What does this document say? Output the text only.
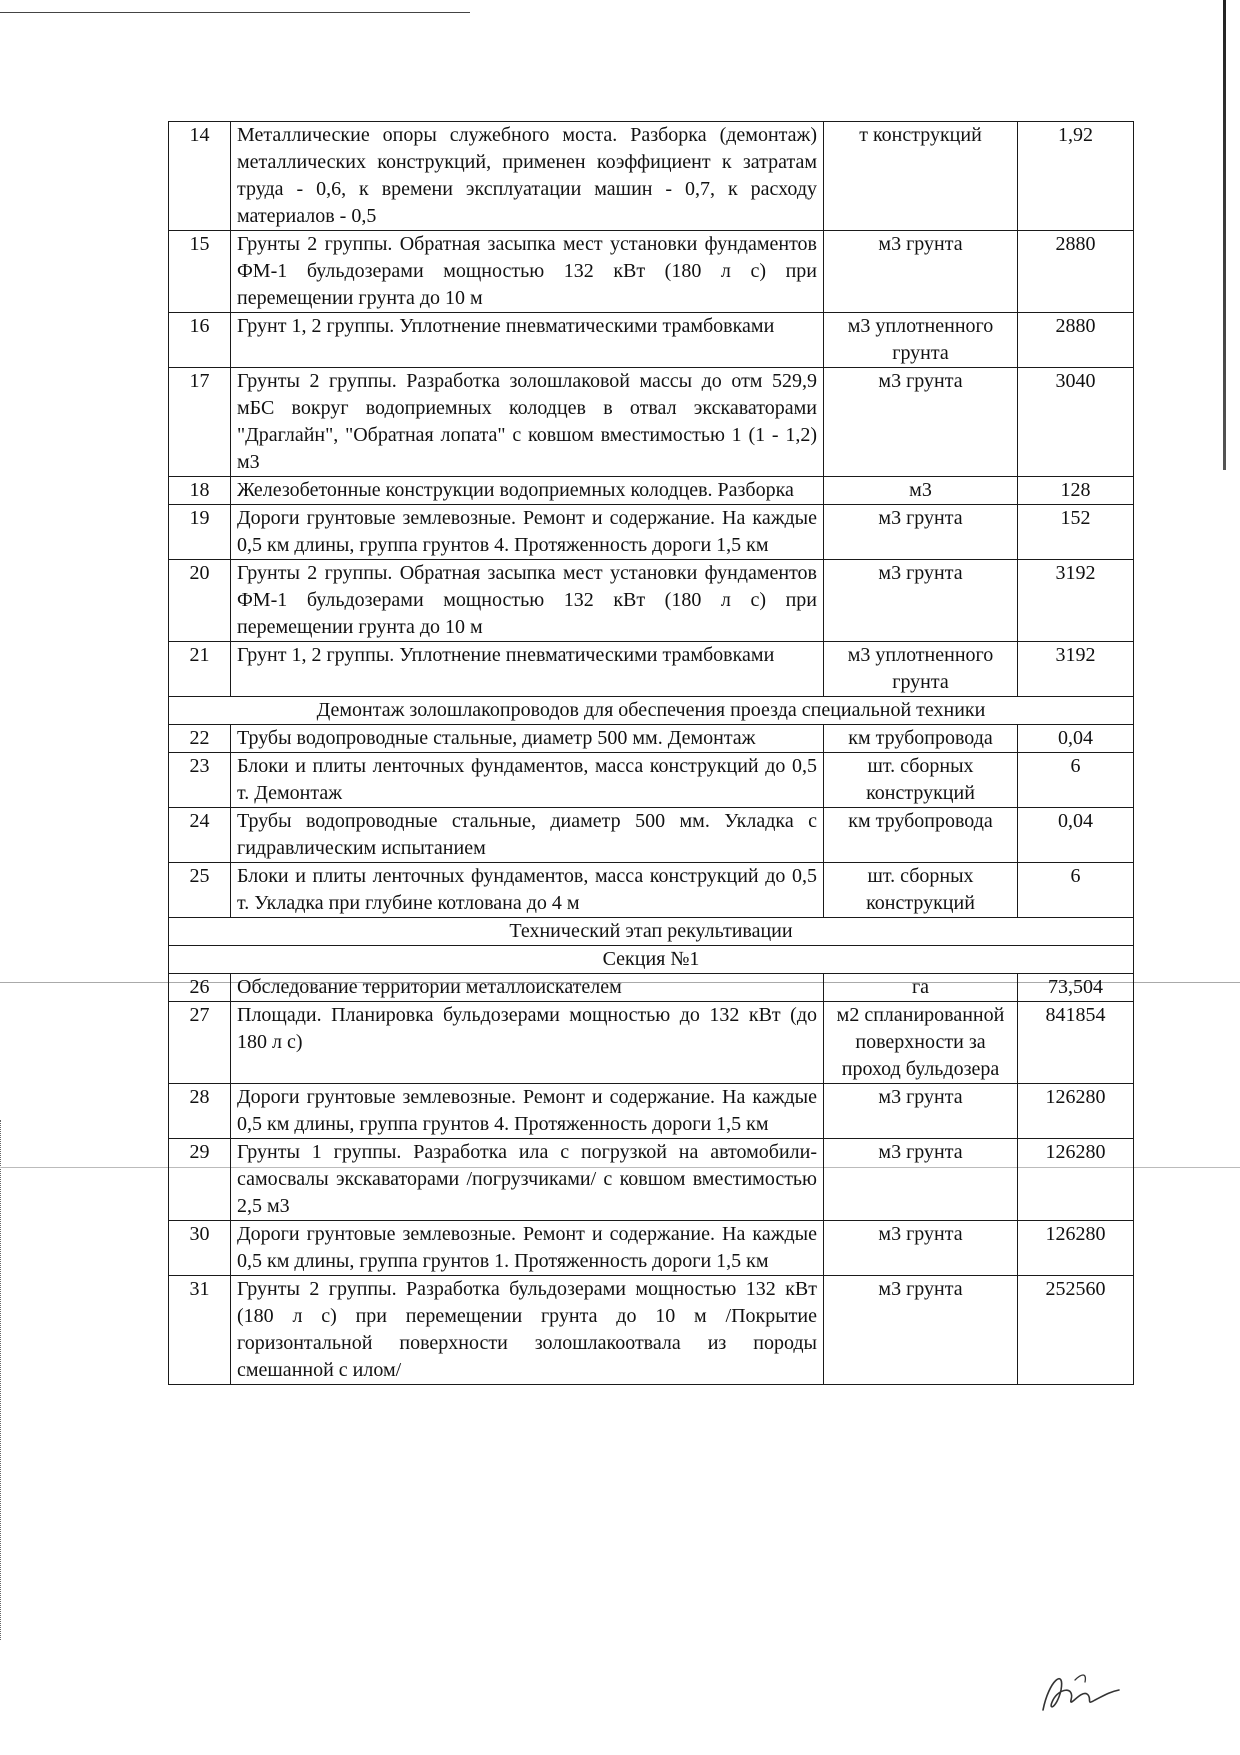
14	Металлические опоры служебного моста. Разборка (демонтаж) металлических конструкций, применен коэффициент к затратам труда - 0,6, к времени эксплуатации машин - 0,7, к расходу материалов - 0,5	т конструкций	1,92
15	Грунты 2 группы. Обратная засыпка мест установки фундаментов ФМ-1 бульдозерами мощностью 132 кВт (180 л с) при перемещении грунта до 10 м	м3 грунта	2880
16	Грунт 1, 2 группы. Уплотнение пневматическими трамбовками	м3 уплотненного грунта	2880
17	Грунты 2 группы. Разработка золошлаковой массы до отм 529,9 мБС вокруг водоприемных колодцев в отвал экскаваторами "Драглайн", "Обратная лопата" с ковшом вместимостью 1 (1 - 1,2) м3	м3 грунта	3040
18	Железобетонные конструкции водоприемных колодцев. Разборка	м3	128
19	Дороги грунтовые землевозные. Ремонт и содержание. На каждые 0,5 км длины, группа грунтов 4. Протяженность дороги 1,5 км	м3 грунта	152
20	Грунты 2 группы. Обратная засыпка мест установки фундаментов ФМ-1 бульдозерами мощностью 132 кВт (180 л с) при перемещении грунта до 10 м	м3 грунта	3192
21	Грунт 1, 2 группы. Уплотнение пневматическими трамбовками	м3 уплотненного грунта	3192
Демонтаж золошлакопроводов для обеспечения проезда специальной техники			
22	Трубы водопроводные стальные, диаметр 500 мм. Демонтаж	км трубопровода	0,04
23	Блоки и плиты ленточных фундаментов, масса конструкций до 0,5 т. Демонтаж	шт. сборных конструкций	6
24	Трубы водопроводные стальные, диаметр 500 мм. Укладка с гидравлическим испытанием	км трубопровода	0,04
25	Блоки и плиты ленточных фундаментов, масса конструкций до 0,5 т. Укладка при глубине котлована до 4 м	шт. сборных конструкций	6
Технический этап рекультивации			
Секция №1			
26	Обследование территории металлоискателем	га	73,504
27	Площади. Планировка бульдозерами мощностью до 132 кВт (до 180 л с)	м2 спланированной поверхности за проход бульдозера	841854
28	Дороги грунтовые землевозные. Ремонт и содержание. На каждые 0,5 км длины, группа грунтов 4. Протяженность дороги 1,5 км	м3 грунта	126280
29	Грунты 1 группы. Разработка ила с погрузкой на автомобили-самосвалы экскаваторами /погрузчиками/ с ковшом вместимостью 2,5 м3	м3 грунта	126280
30	Дороги грунтовые землевозные. Ремонт и содержание. На каждые 0,5 км длины, группа грунтов 1. Протяженность дороги 1,5 км	м3 грунта	126280
31	Грунты 2 группы. Разработка бульдозерами мощностью 132 кВт (180 л с) при перемещении грунта до 10 м /Покрытие горизонтальной поверхности золошлакоотвала из породы смешанной с илом/	м3 грунта	252560
